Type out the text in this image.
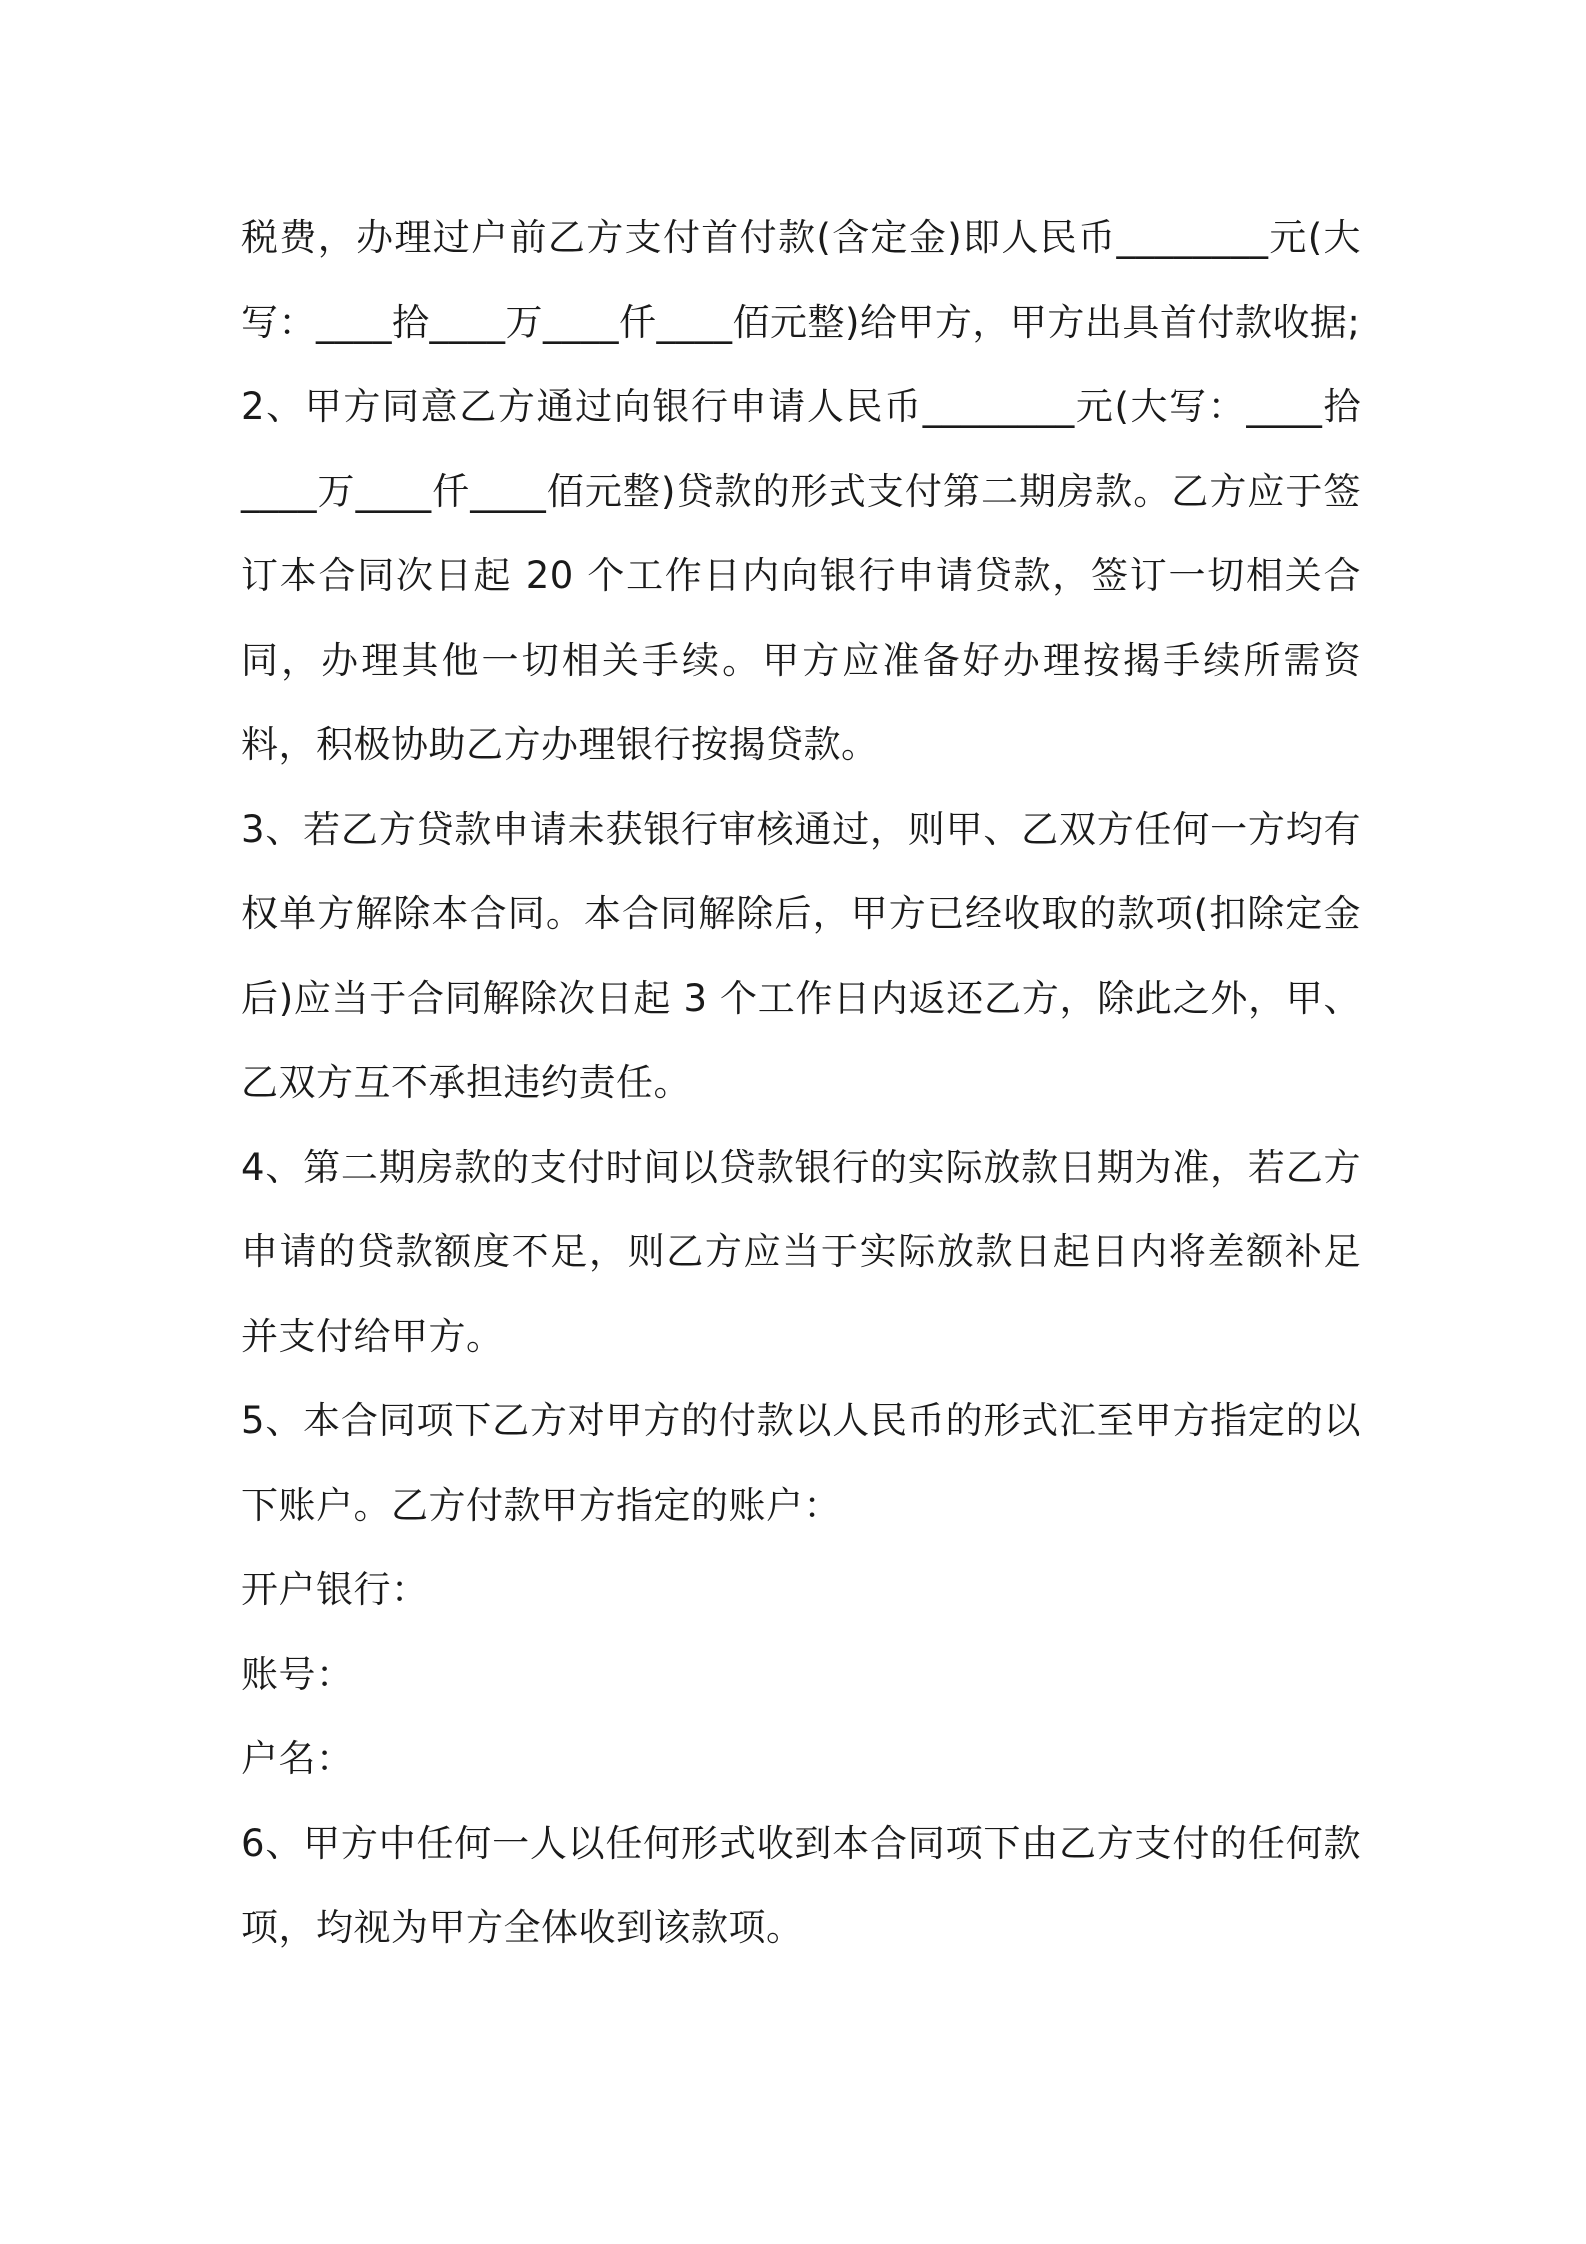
税费，办理过户前乙方支付首付款(含定金)即人民币________元(大写：____拾____万____仟____佰元整)给甲方，甲方出具首付款收据;

2、甲方同意乙方通过向银行申请人民币________元(大写：____拾____万____仟____佰元整)贷款的形式支付第二期房款。乙方应于签订本合同次日起 20 个工作日内向银行申请贷款，签订一切相关合同，办理其他一切相关手续。甲方应准备好办理按揭手续所需资料，积极协助乙方办理银行按揭贷款。

3、若乙方贷款申请未获银行审核通过，则甲、乙双方任何一方均有权单方解除本合同。本合同解除后，甲方已经收取的款项(扣除定金后)应当于合同解除次日起 3 个工作日内返还乙方，除此之外，甲、乙双方互不承担违约责任。

4、第二期房款的支付时间以贷款银行的实际放款日期为准，若乙方申请的贷款额度不足，则乙方应当于实际放款日起日内将差额补足并支付给甲方。

5、本合同项下乙方对甲方的付款以人民币的形式汇至甲方指定的以下账户。乙方付款甲方指定的账户：

开户银行：

账号：

户名：

6、甲方中任何一人以任何形式收到本合同项下由乙方支付的任何款项，均视为甲方全体收到该款项。
